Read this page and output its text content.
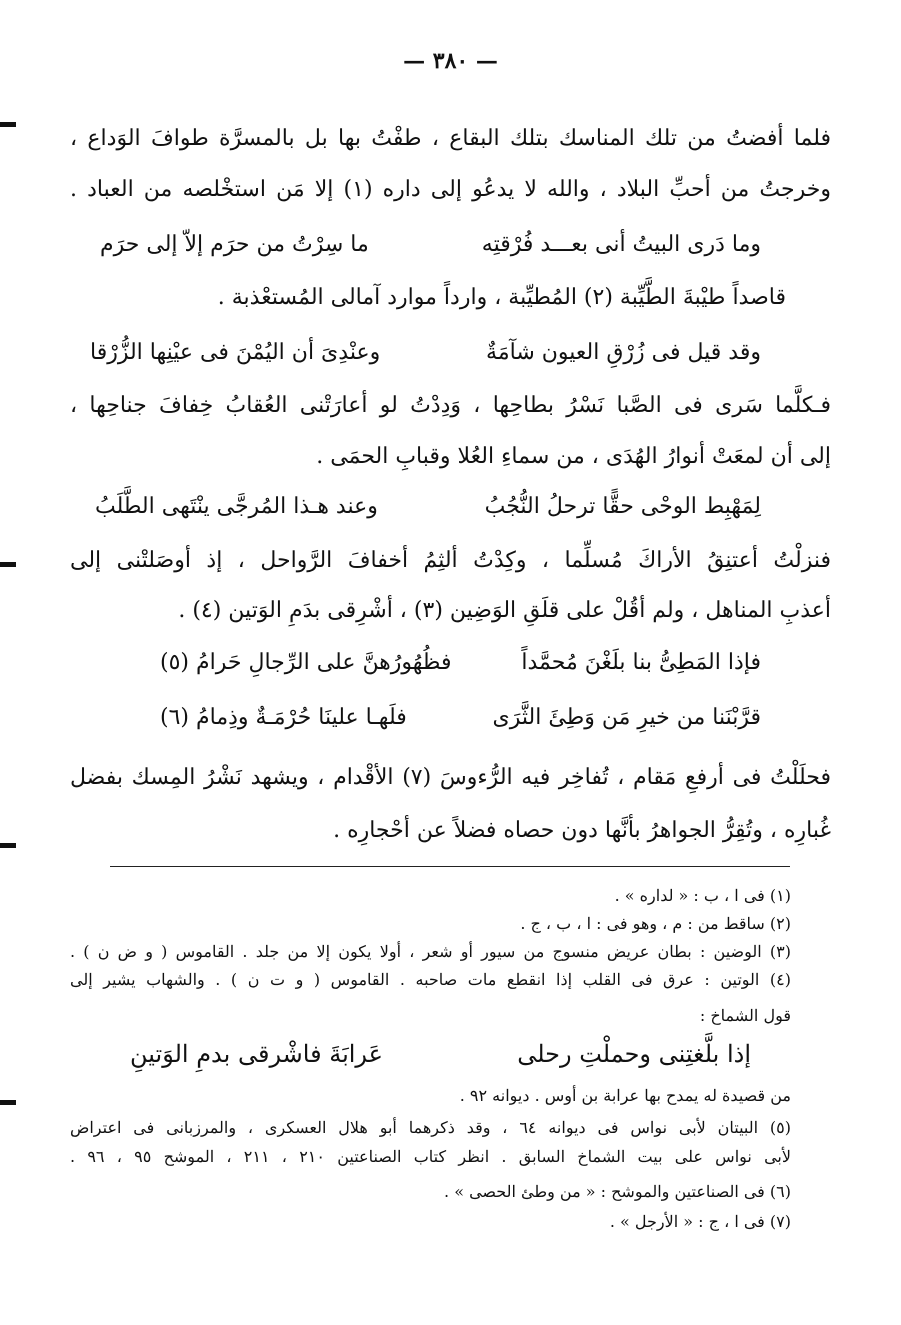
— ٣٨٠ —
فلما أفضتُ من تلك المناسك بتلك البقاع ، طفْتُ بها بل بالمسرَّة طوافَ الوَداع ،
وخرجتُ من أحبِّ البلاد ، والله لا يدعُو إلى داره (١) إلا مَن استخْلصه من العباد .
وما دَرى البيتُ أنى بعـــد فُرْقتِه
ما سِرْتُ من حرَم إلاّ إلى حرَم
قاصداً طيْبةَ الطَّيِّبة (٢) المُطيِّبة ، وارداً موارد آمالى المُستعْذبة .
وقد قيل فى زُرْقِ العيون شآمَةٌ
وعنْدِىَ أن اليُمْنَ فى عيْنِها الزُّرْقا
فـكلَّما سَرى فى الصَّبا نَسْرُ بطاحِها ، وَدِدْتُ لو أعارَتْنى العُقابُ خِفافَ جناحِها ،
إلى أن لمعَتْ أنوارُ الهُدَى ، من سماءِ العُلا وقبابِ الحمَى .
لِمَهْبِط الوحْى حقًّا ترحلُ النُّجُبُ
وعند هـذا المُرجَّى ينْتَهى الطَّلَبُ
فنزلْتُ أعتنِقُ الأراكَ مُسلِّما ، وكِدْتُ ألثِمُ أخفافَ الرَّواحل ، إذ أوصَلتْنى إلى
أعذبِ المناهل ، ولم أقُلْ على قلَقِ الوَضِين (٣) ، أشْرِقى بدَمِ الوَتين (٤) .
فإذا المَطِىُّ بنا بلَغْنَ مُحمَّداً
فظُهُورُهنَّ على الرِّجالِ حَرامُ (٥)
قرَّبْنَنا من خيرِ مَن وَطِئَ الثَّرَى
فلَهـا علينَا حُرْمَـةٌ وذِمامُ (٦)
فحلَلْتُ فى أرفعِ مَقام ، تُفاخِر فيه الرُّءوسَ (٧) الأقْدام ، ويشهد نَشْرُ المِسك بفضل
غُبارِه ، وتُقِرُّ الجواهرُ بأنَّها دون حصاه فضلاً عن أحْجارِه .
(١) فى ا ، ب : « لداره » .
(٢) ساقط من : م ، وهو فى : ا ، ب ، ج .
(٣) الوضين : بطان عريض منسوج من سيور أو شعر ، أولا يكون إلا من جلد . القاموس ( و ض ن ) .
(٤) الوتين : عرق فى القلب إذا انقطع مات صاحبه . القاموس ( و ت ن ) . والشهاب يشير إلى
قول الشماخ :
إذا بلَّغتِنى وحملْتِ رحلى
عَرابَةَ فاشْرقى بدمِ الوَتينِ
من قصيدة له يمدح بها عرابة بن أوس . ديوانه ٩٢ .
(٥) البيتان لأبى نواس فى ديوانه ٦٤ ، وقد ذكرهما أبو هلال العسكرى ، والمرزبانى فى اعتراض
لأبى نواس على بيت الشماخ السابق . انظر كتاب الصناعتين ٢١٠ ، ٢١١ ، الموشح ٩٥ ، ٩٦ .
(٦) فى الصناعتين والموشح : « من وطئ الحصى » .
(٧) فى ا ، ج : « الأرجل » .
